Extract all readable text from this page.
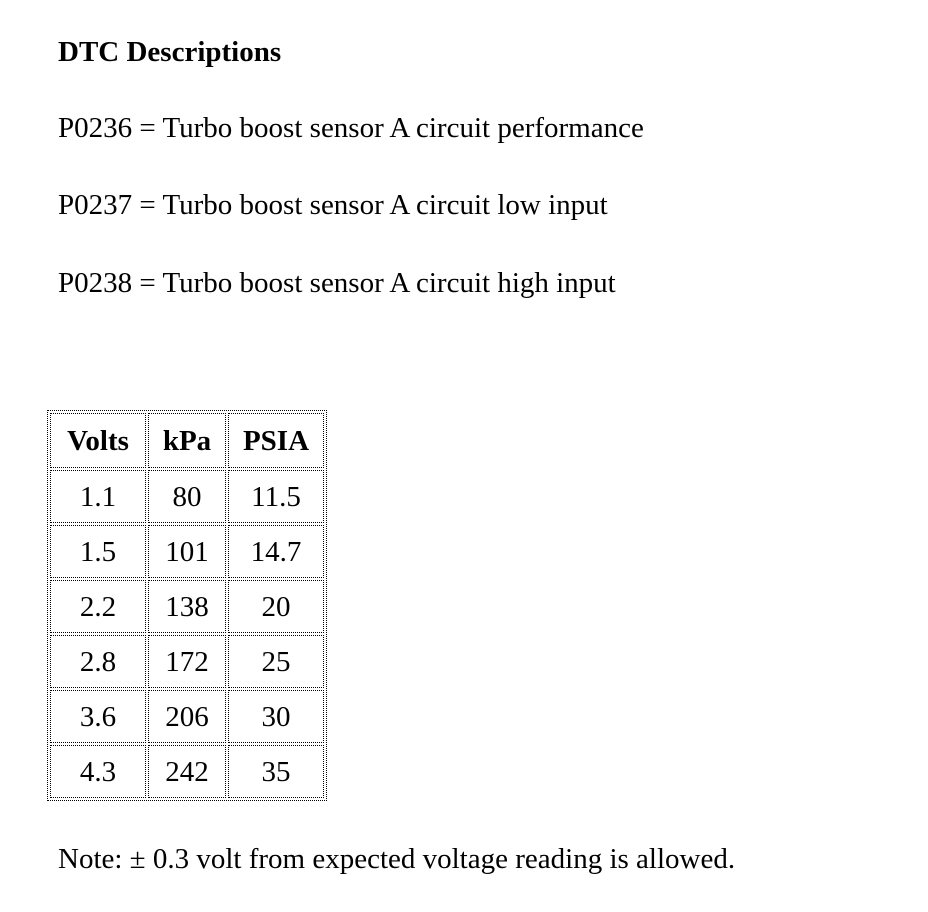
DTC Descriptions
P0236 = Turbo boost sensor A circuit performance
P0237 = Turbo boost sensor A circuit low input
P0238 = Turbo boost sensor A circuit high input
Volts	kPa	PSIA
1.1	80	11.5
1.5	101	14.7
2.2	138	20
2.8	172	25
3.6	206	30
4.3	242	35
Note: ± 0.3 volt from expected voltage reading is allowed.
